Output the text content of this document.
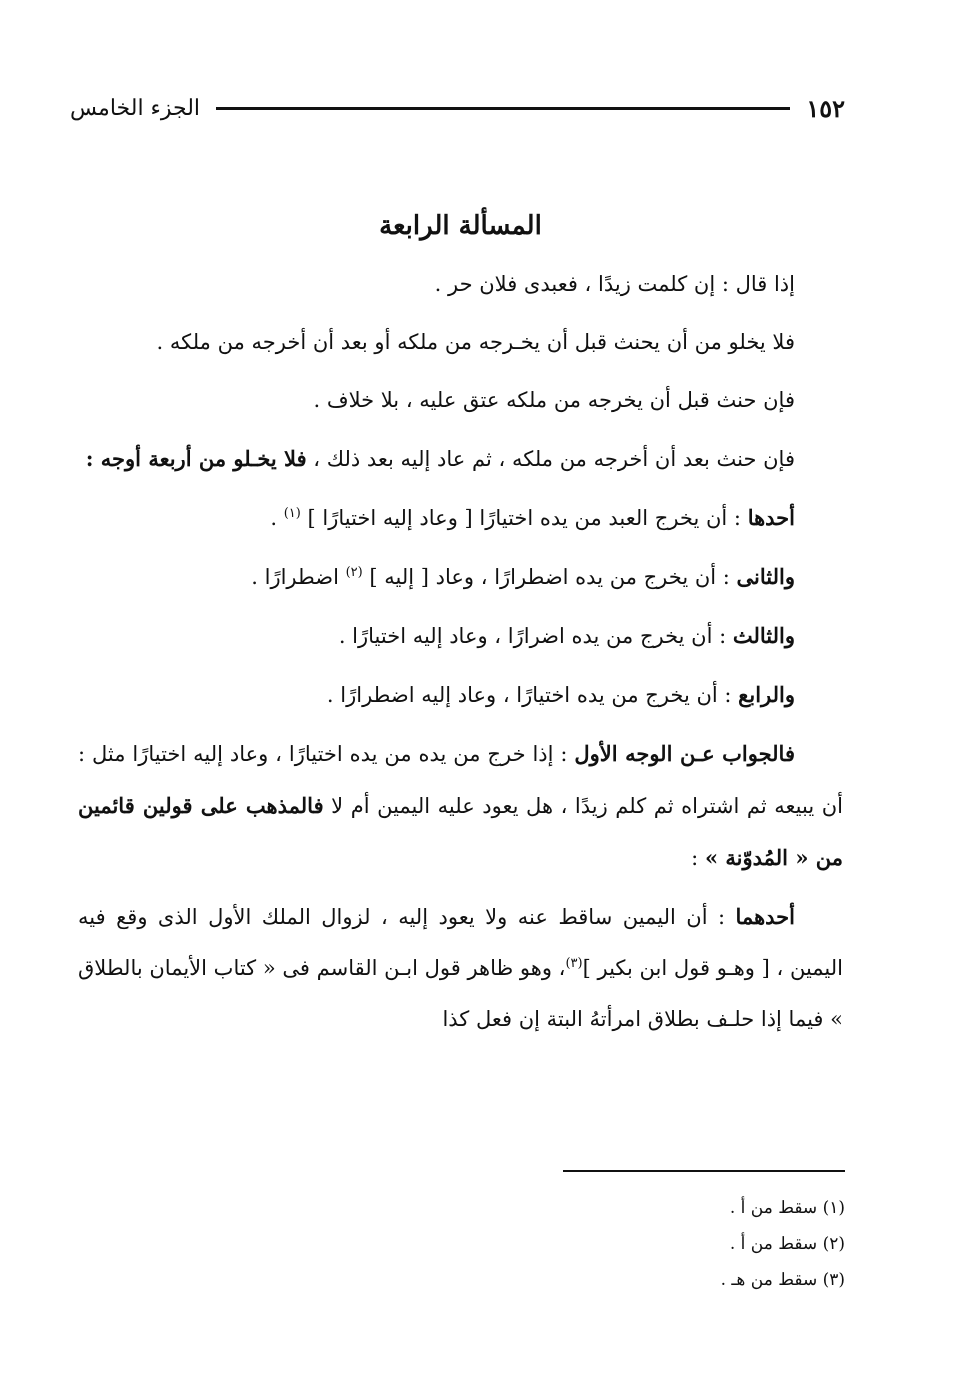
الجزء الخامس	١٥٢

المسألة الرابعة

إذا قال : إن كلمت زيدًا ، فعبدى فلان حر .

فلا يخلو من أن يحنث قبل أن يخـرجه من ملكه أو بعد أن أخرجه من ملكه .

فإن حنث قبل أن يخرجه من ملكه عتق عليه ، بلا خلاف .

فإن حنث بعد أن أخرجه من ملكه ، ثم عاد إليه بعد ذلك ، فلا يخـلو من أربعة أوجه :

أحدها : أن يخرج العبد من يده اختيارًا [ وعاد إليه اختيارًا ] $^{(١)}$ .

والثانى : أن يخرج من يده اضطرارًا ، وعاد [ إليه ] $^{(٢)}$ اضطرارًا .

والثالث : أن يخرج من يده اضرارًا ، وعاد إليه اختيارًا .

والرابع : أن يخرج من يده اختيارًا ، وعاد إليه اضطرارًا .

فالجواب عـن الوجه الأول : إذا خرج من يده من يده اختيارًا ، وعاد إليه اختيارًا مثل : أن يبيعه ثم اشتراه ثم كلم زيدًا ، هل يعود عليه اليمين أم لا فالمذهب على قولين قائمين من « المُدوّنة » :

أحدهما : أن اليمين ساقط عنه ولا يعود إليه ، لزوال الملك الأول الذى وقع فيه اليمين ، [ وهـو قول ابن بكير ]$^{(٣)}$، وهو ظاهر قول ابـن القاسم فى « كتاب الأيمان بالطلاق » فيما إذا حلـف بطلاق امرأتهُ البتة إن فعل كذا

(١) سقط من أ .

(٢) سقط من أ .

(٣) سقط من هـ .
